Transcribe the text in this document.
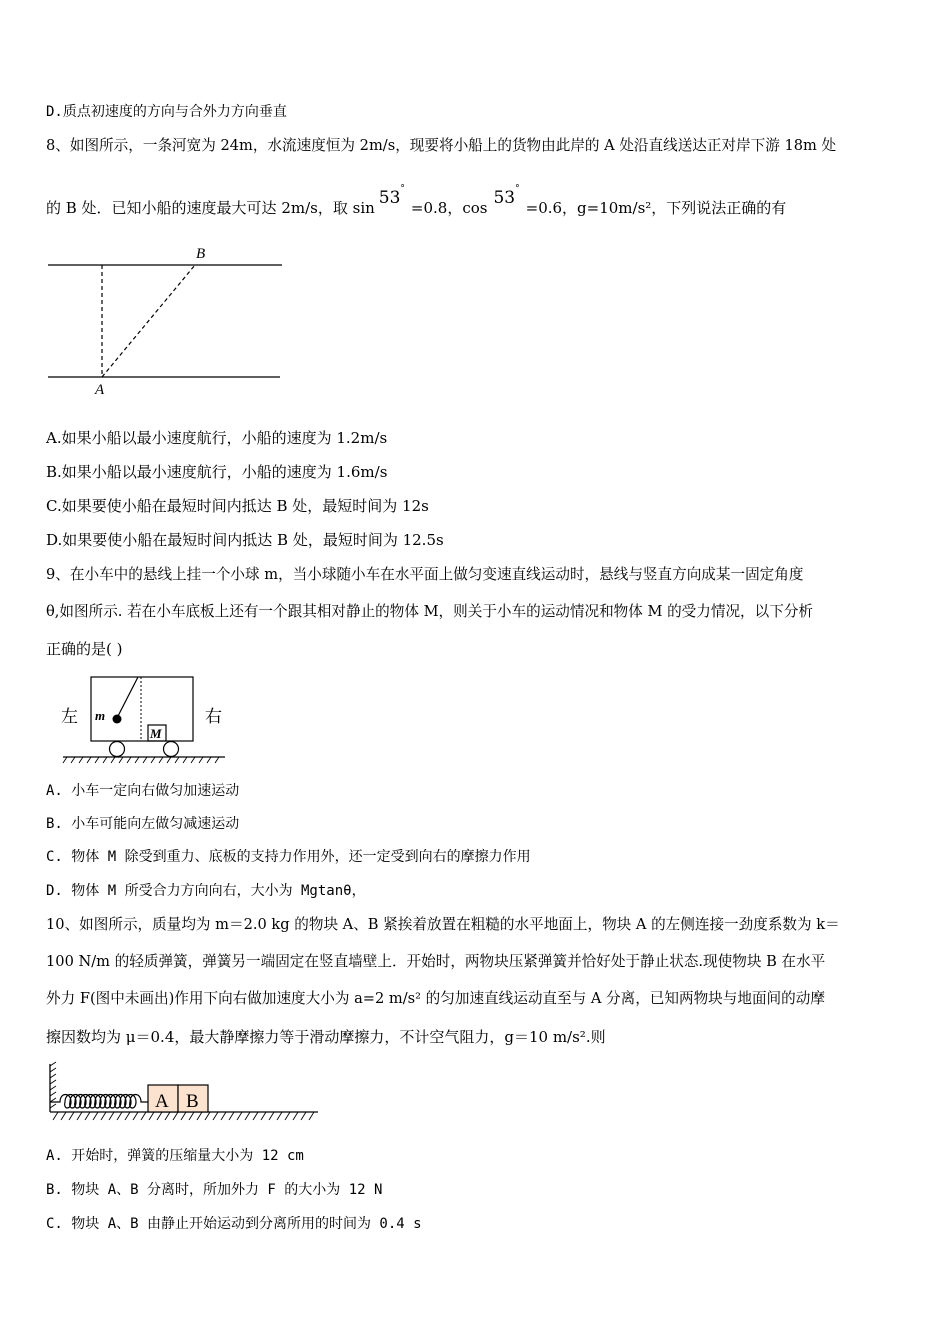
D.质点初速度的方向与合外力方向垂直
8、如图所示，一条河宽为 24m，水流速度恒为 2m/s，现要将小船上的货物由此岸的 A 处沿直线送达正对岸下游 18m 处
的 B 处．已知小船的速度最大可达 2m/s，取 sin 53°=0.8，cos 53°=0.6，g=10m/s²，下列说法正确的有
B
A
A.如果小船以最小速度航行，小船的速度为 1.2m/s
B.如果小船以最小速度航行，小船的速度为 1.6m/s
C.如果要使小船在最短时间内抵达 B 处，最短时间为 12s
D.如果要使小船在最短时间内抵达 B 处，最短时间为 12.5s
9、在小车中的悬线上挂一个小球 m，当小球随小车在水平面上做匀变速直线运动时，悬线与竖直方向成某一固定角度
θ,如图所示. 若在小车底板上还有一个跟其相对静止的物体 M，则关于小车的运动情况和物体 M 的受力情况，以下分析
正确的是( )
左	右
m
M
A. 小车一定向右做匀加速运动
B. 小车可能向左做匀减速运动
C. 物体 M 除受到重力、底板的支持力作用外，还一定受到向右的摩擦力作用
D. 物体 M 所受合力方向向右，大小为 Mgtanθ，
10、如图所示，质量均为 m＝2.0 kg 的物块 A、B 紧挨着放置在粗糙的水平地面上，物块 A 的左侧连接一劲度系数为 k＝
100 N/m 的轻质弹簧，弹簧另一端固定在竖直墙壁上．开始时，两物块压紧弹簧并恰好处于静止状态.现使物块 B 在水平
外力 F(图中未画出)作用下向右做加速度大小为 a=2 m/s² 的匀加速直线运动直至与 A 分离，已知两物块与地面间的动摩
擦因数均为 μ＝0.4，最大静摩擦力等于滑动摩擦力，不计空气阻力，g＝10 m/s².则
A B
A. 开始时，弹簧的压缩量大小为 12 cm
B. 物块 A、B 分离时，所加外力 F 的大小为 12 N
C. 物块 A、B 由静止开始运动到分离所用的时间为 0.4 s
